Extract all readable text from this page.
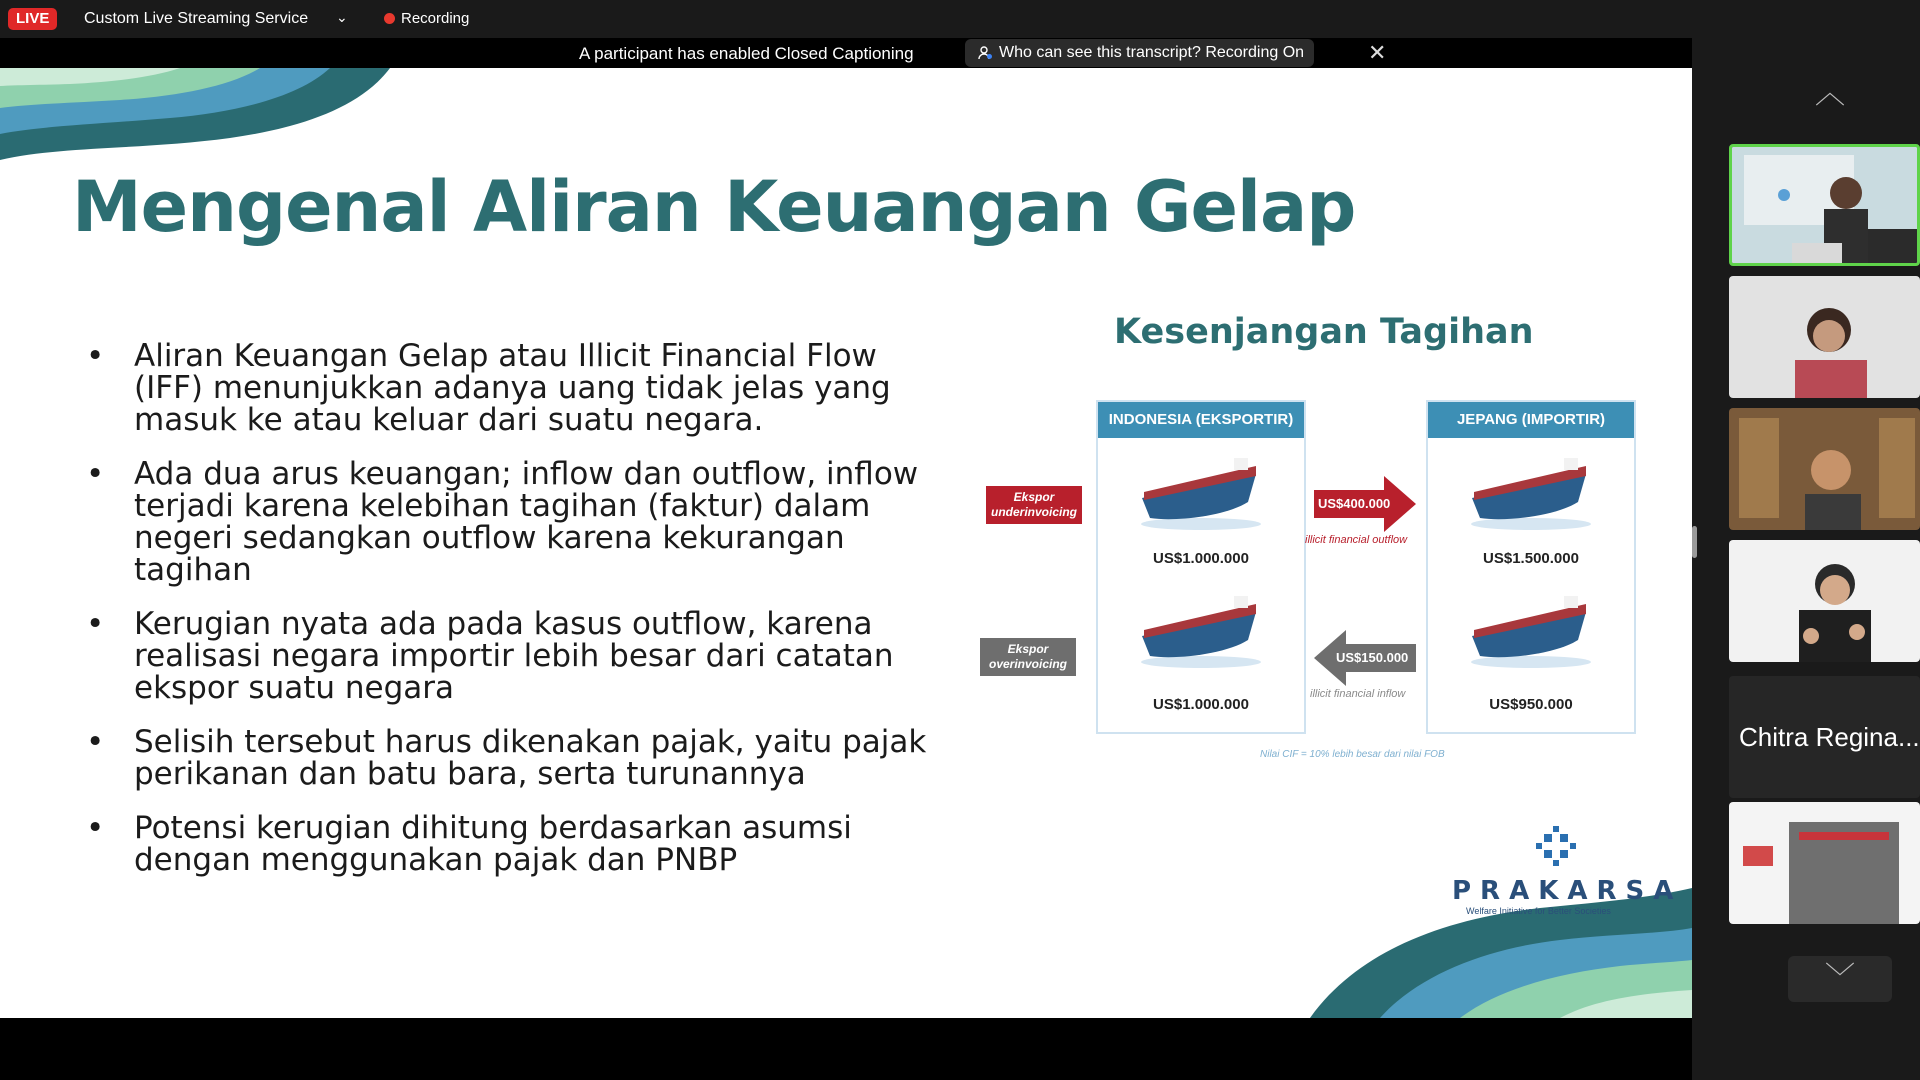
LIVE	Custom Live Streaming Service ⌄	Recording
A participant has enabled Closed Captioning	Who can see this transcript? Recording On	✕
Mengenal Aliran Keuangan Gelap
• Aliran Keuangan Gelap atau Illicit Financial Flow (IFF) menunjukkan adanya uang tidak jelas yang masuk ke atau keluar dari suatu negara.
• Ada dua arus keuangan; inflow dan outflow, inflow terjadi karena kelebihan tagihan (faktur) dalam negeri sedangkan outflow karena kekurangan tagihan
• Kerugian nyata ada pada kasus outflow, karena realisasi negara importir lebih besar dari catatan ekspor suatu negara
• Selisih tersebut harus dikenakan pajak, yaitu pajak perikanan dan batu bara, serta turunannya
• Potensi kerugian dihitung berdasarkan asumsi dengan menggunakan pajak dan PNBP
Kesenjangan Tagihan
INDONESIA (EKSPORTIR)
US$1.000.000
US$1.000.000
JEPANG (IMPORTIR)
US$1.500.000
US$950.000
Ekspor underinvoicing
Ekspor overinvoicing
US$400.000
illicit financial outflow
US$150.000
illicit financial inflow
Nilai CIF = 10% lebih besar dari nilai FOB
PRAKARSA
Welfare Initiative for Better Societies
︿
Chitra Regina...
﹀
